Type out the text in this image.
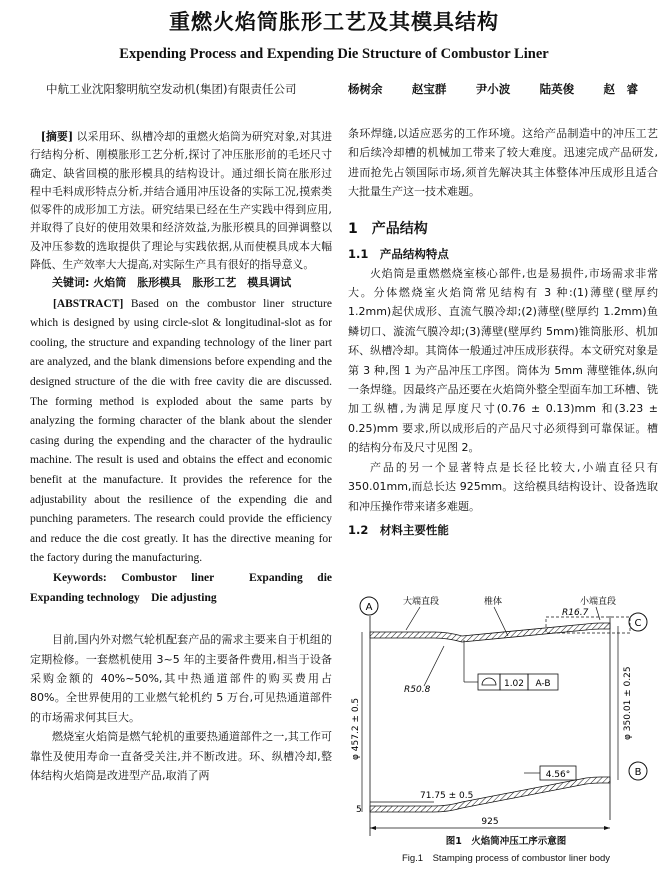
重燃火焰筒胀形工艺及其模具结构
Expending Process and Expending Die Structure of Combustor Liner
中航工业沈阳黎明航空发动机(集团)有限责任公司	杨树余	赵宝群	尹小波	陆英俊	赵　睿

 [摘要] 以采用环、纵槽冷却的重燃火焰筒为研究对象,对其进行结构分析、刚模胀形工艺分析,探讨了冲压胀形前的毛坯尺寸确定、缺省回模的胀形模具的结构设计。通过细长筒在胀形过程中毛料成形特点分析,并结合通用冲压设备的实际工况,摸索类似零件的成形加工方法。研究结果已经在生产实践中得到应用,并取得了良好的使用效果和经济效益,为胀形模具的回弹调整以及冲压参数的选取提供了理论与实践依据,从而使模具成本大幅降低、生产效率大大提高,对实际生产具有很好的指导意义。

关键词: 火焰筒　胀形模具　胀形工艺　模具调试

[ABSTRACT] Based on the combustor liner structure which is designed by using circle-slot & longitudinal-slot as for cooling, the structure and expanding technology of the liner part are analyzed, and the blank dimensions before expending and the designed structure of the die with free cavity die are discussed. The forming method is exploded about the same parts by analyzing the forming character of the blank about the slender casing during the expending and the character of the hydraulic machine. The result is used and obtains the effect and economic benefit at the manufacture. It provides the reference for the adjustability about the resilience of the expending die and punching parameters. The research could provide the efficiency and reduce the die cost greatly. It has the directive meaning for the factory during the manufacturing.

Keywords: Combustor liner　Expanding die　Expanding technology　Die adjusting

目前,国内外对燃气轮机配套产品的需求主要来自于机组的定期检修。一套燃机使用 3~5 年的主要备件费用,相当于设备采购金额的 40%~50%,其中热通道部件的购买费用占 80%。全世界使用的工业燃气轮机约 5 万台,可见热通道部件的市场需求何其巨大。

燃烧室火焰筒是燃气轮机的重要热通道部件之一,其工作可靠性及使用寿命一直备受关注,并不断改进。环、纵槽冷却,整体结构火焰筒是改进型产品,取消了两

条环焊缝,以适应恶劣的工作环境。这给产品制造中的冲压工艺和后续冷却槽的机械加工带来了较大难度。迅速完成产品研发,进而抢先占领国际市场,须首先解决其主体整体冲压成形且适合大批量生产这一技术难题。

1　产品结构
1.1　产品结构特点

火焰筒是重燃燃烧室核心部件,也是易损件,市场需求非常大。分体燃烧室火焰筒常见结构有 3 种:(1)薄壁(壁厚约 1.2mm)起伏成形、直流气膜冷却;(2)薄壁(壁厚约 1.2mm)鱼鳞切口、漩流气膜冷却;(3)薄壁(壁厚约 5mm)锥筒胀形、机加环、纵槽冷却。其筒体一般通过冲压成形获得。本文研究对象是第 3 种,图 1 为产品冲压工序图。筒体为 5mm 薄壁锥体,纵向一条焊缝。因最终产品还要在火焰筒外整全型面车加工环槽、铣加工纵槽,为满足厚度尺寸(0.76 ± 0.13)mm 和(3.23 ± 0.25)mm 要求,所以成形后的产品尺寸必须得到可靠保证。槽的结构分布及尺寸见图 2。

产品的另一个显著特点是长径比较大,小端直径只有 350.01mm,而总长达 925mm。这给模具结构设计、设备选取和冲压操作带来诸多难题。

1.2　材料主要性能
A
C
B
大端直段	椎体	小端直段
R16.7
1.02 A-B
R50.8
φ 457.2 ± 0.5	φ 350.01 ± 0.25
4.56°
5
71.75 ± 0.5
925
图1　火焰筒冲压工序示意图
Fig.1　Stamping process of combustor liner body
